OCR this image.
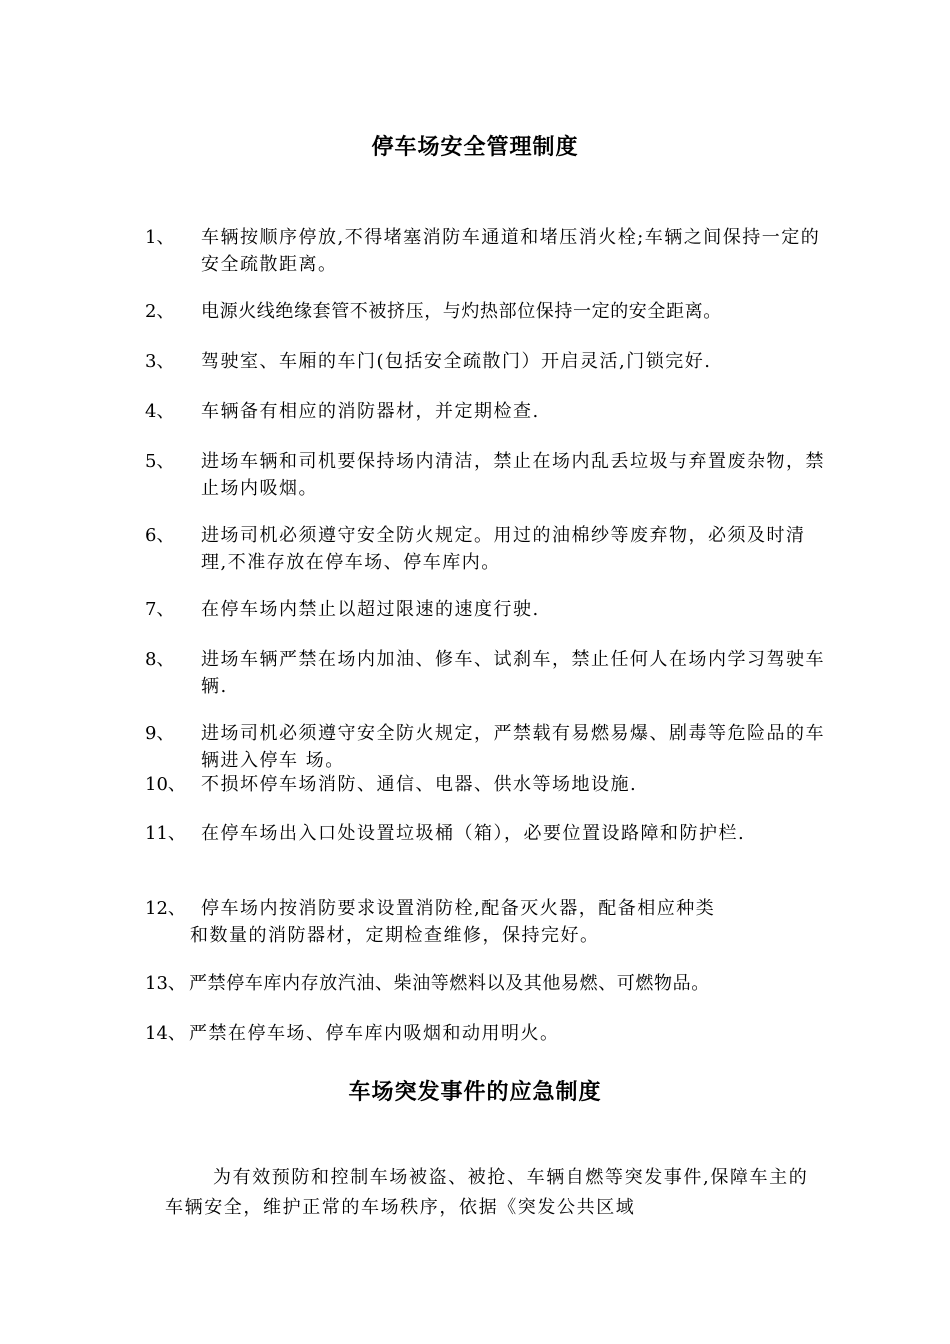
停车场安全管理制度
1、	车辆按顺序停放,不得堵塞消防车通道和堵压消火栓;车辆之间保持一定的安全疏散距离。
2、	电源火线绝缘套管不被挤压，与灼热部位保持一定的安全距离。
3、	驾驶室、车厢的车门(包括安全疏散门）开启灵活,门锁完好.
4、	车辆备有相应的消防器材，并定期检查.
5、	进场车辆和司机要保持场内清洁，禁止在场内乱丢垃圾与弃置废杂物，禁止场内吸烟。
6、	进场司机必须遵守安全防火规定。用过的油棉纱等废弃物，必须及时清理,不准存放在停车场、停车库内。
7、	在停车场内禁止以超过限速的速度行驶.
8、	进场车辆严禁在场内加油、修车、试刹车，禁止任何人在场内学习驾驶车辆.
9、	进场司机必须遵守安全防火规定，严禁载有易燃易爆、剧毒等危险品的车辆进入停车 场。
10、 不损坏停车场消防、通信、电器、供水等场地设施.
11、 在停车场出入口处设置垃圾桶（箱），必要位置设路障和防护栏.
12、 停车场内按消防要求设置消防栓,配备灭火器，配备相应种类
和数量的消防器材，定期检查维修，保持完好。
13、 严禁停车库内存放汽油、柴油等燃料以及其他易燃、可燃物品。
14、 严禁在停车场、停车库内吸烟和动用明火。
车场突发事件的应急制度
为有效预防和控制车场被盗、被抢、车辆自燃等突发事件,保障车主的车辆安全，维护正常的车场秩序，依据《突发公共区域
